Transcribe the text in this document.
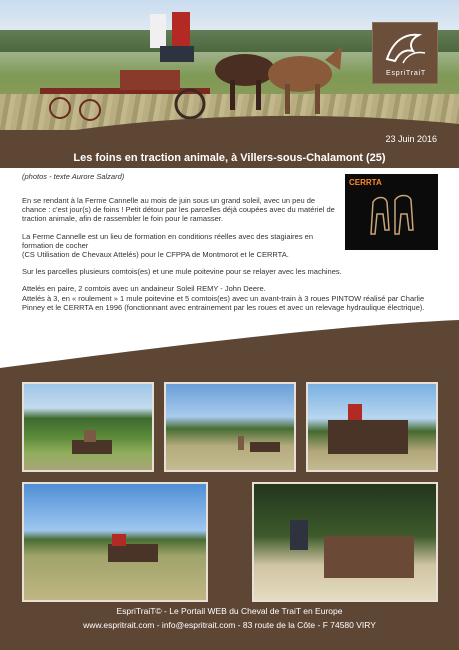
EspriTraiT
23 Juin 2016
Les foins en traction animale, à Villers-sous-Chalamont (25)
(photos - texte Aurore Salzard)
CERRTA

En se rendant à la Ferme Cannelle au mois de juin sous un grand soleil, avec un peu de chance : c'est jour(s) de foins ! Petit détour par les parcelles déjà coupées avec du matériel de traction animale, afin de rassembler le foin pour le ramasser.

La Ferme Cannelle est un lieu de formation en conditions réelles avec des stagiaires en formation de cocher
(CS Utilisation de Chevaux Attelés) pour le CFPPA de Montmorot et le CERRTA.

Sur les parcelles plusieurs comtois(es) et une mule poitevine pour se relayer avec les machines.

Attelés en paire, 2 comtois avec un andaineur Soleil REMY - John Deere.

Attelés à 3, en « roulement » 1 mule poitevine et 5 comtois(es) avec un avant-train à 3 roues PINTOW réalisé par Charlie Pinney et le CERRTA en 1996 (fonctionnant avec entrainement par les roues et avec un relevage hydraulique électrique).

EspriTraiT© - Le Portail WEB du Cheval de TraiT en Europe
www.espritrait.com - info@espritrait.com - 83 route de la Côte - F 74580 VIRY
